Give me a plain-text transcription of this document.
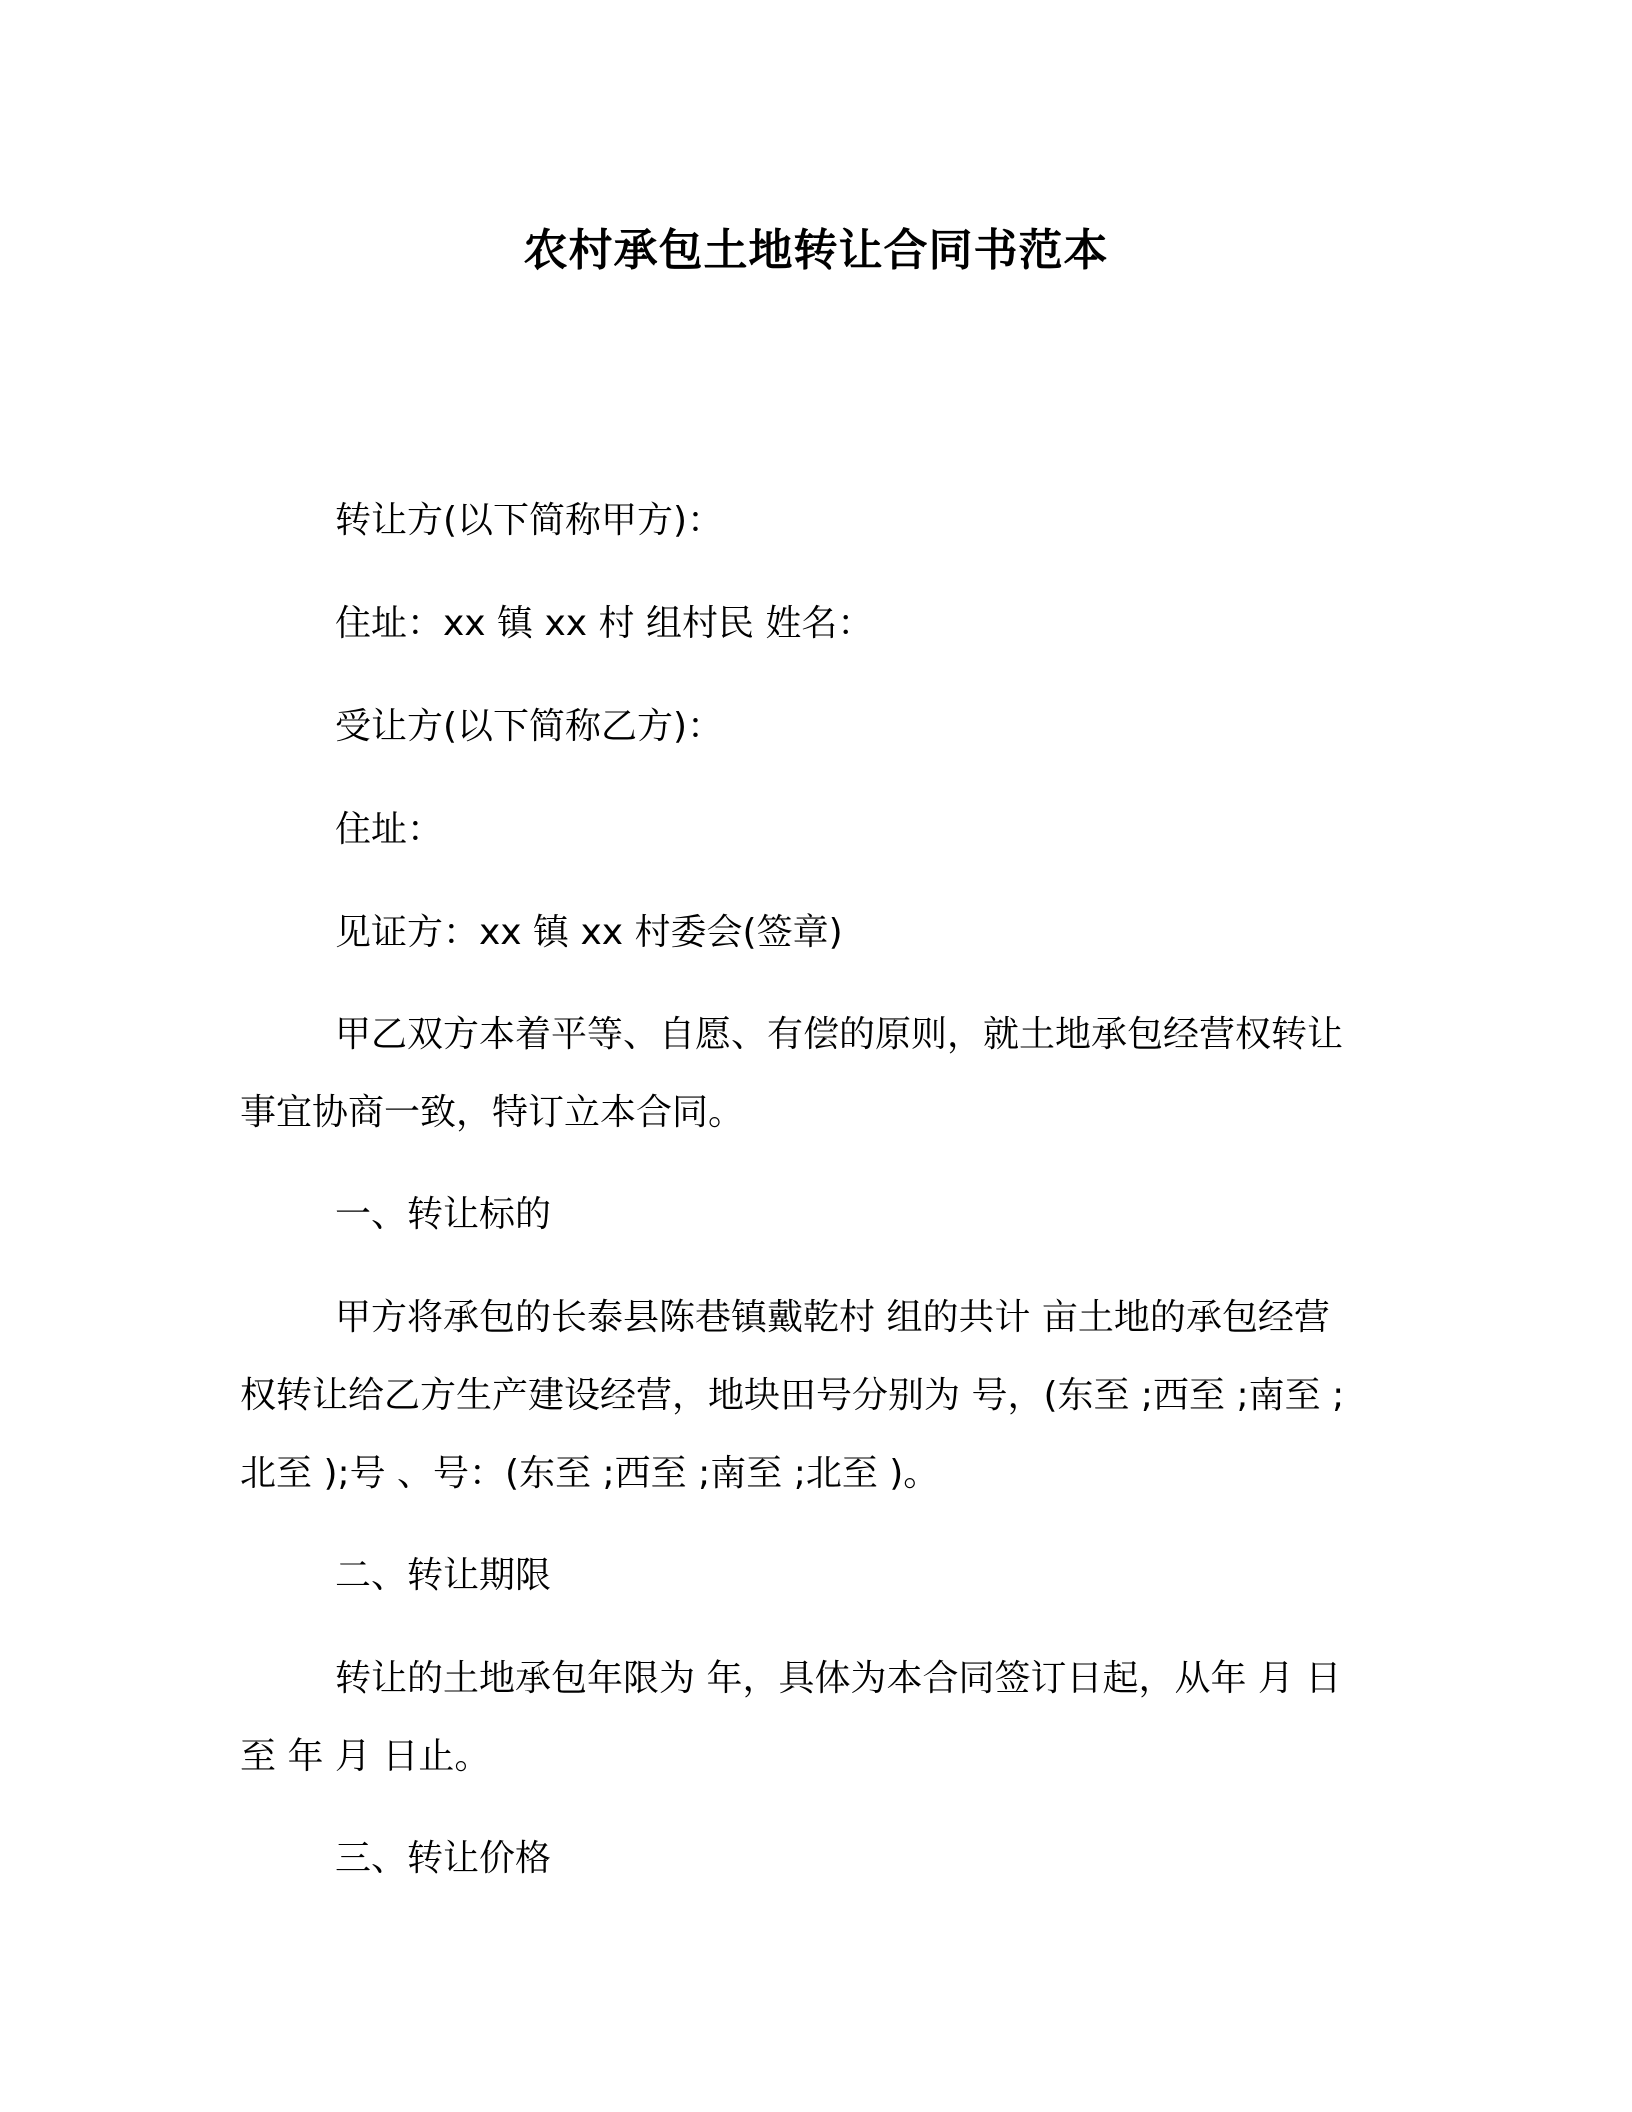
农村承包土地转让合同书范本

转让方(以下简称甲方)：

住址：xx 镇 xx 村 组村民 姓名：

受让方(以下简称乙方)：

住址：

见证方：xx 镇 xx 村委会(签章)

甲乙双方本着平等、自愿、有偿的原则，就土地承包经营权转让

事宜协商一致，特订立本合同。

一、转让标的

甲方将承包的长泰县陈巷镇戴乾村 组的共计 亩土地的承包经营

权转让给乙方生产建设经营，地块田号分别为 号，(东至 ;西至 ;南至 ;

北至 );号 、号：(东至 ;西至 ;南至 ;北至 )。

二、转让期限

转让的土地承包年限为 年，具体为本合同签订日起，从年 月 日

至 年 月 日止。

三、转让价格
